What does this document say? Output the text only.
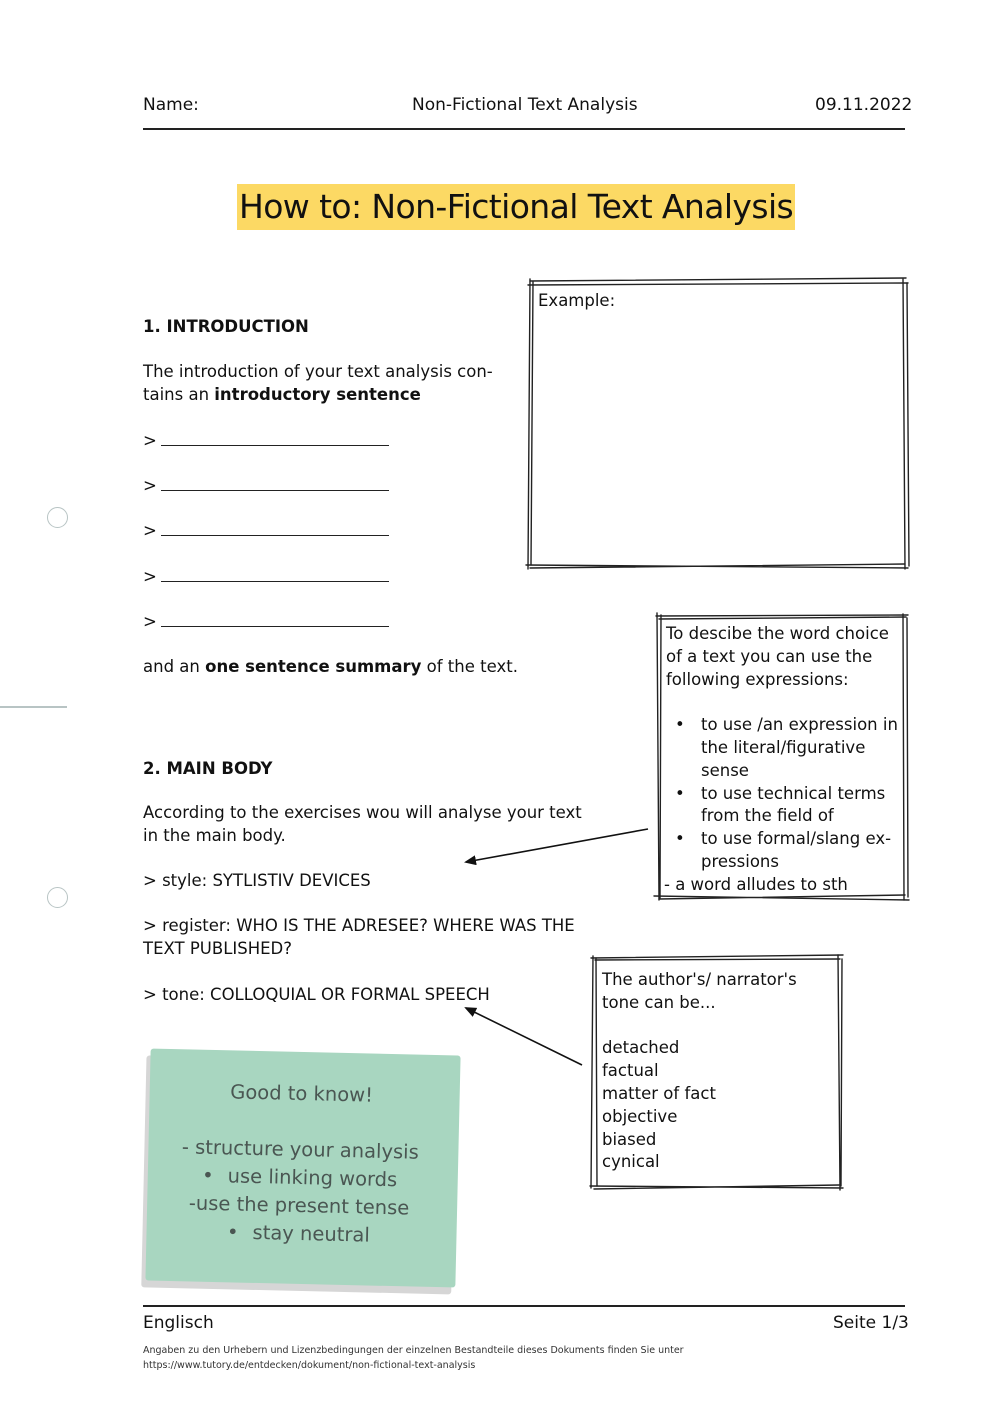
Name:	Non-Fictional Text Analysis	09.11.2022
How to: Non-Fictional Text Analysis
1. INTRODUCTION
The introduction of your text analysis con-
tains an introductory sentence
>
>
>
>
>
and an one sentence summary of the text.
2. MAIN BODY
According to the exercises wou will analyse your text
in the main body.
> style: SYTLISTIV DEVICES
> register: WHO IS THE ADRESEE? WHERE WAS THE
TEXT PUBLISHED?
> tone: COLLOQUIAL OR FORMAL SPEECH
Example:
To descibe the word choice
of a text you can use the
following expressions:
• to use /an expression in the literal/figurative sense
• to use technical terms from the field of
• to use formal/slang ex- pressions
- a word alludes to sth
The author's/ narrator's
tone can be...
detached
factual
matter of fact
objective
biased
cynical
Good to know!
- structure your analysis
• use linking words
-use the present tense
• stay neutral
Englisch	Seite 1/3
Angaben zu den Urhebern und Lizenzbedingungen der einzelnen Bestandteile dieses Dokuments finden Sie unter
https://www.tutory.de/entdecken/dokument/non-fictional-text-analysis
